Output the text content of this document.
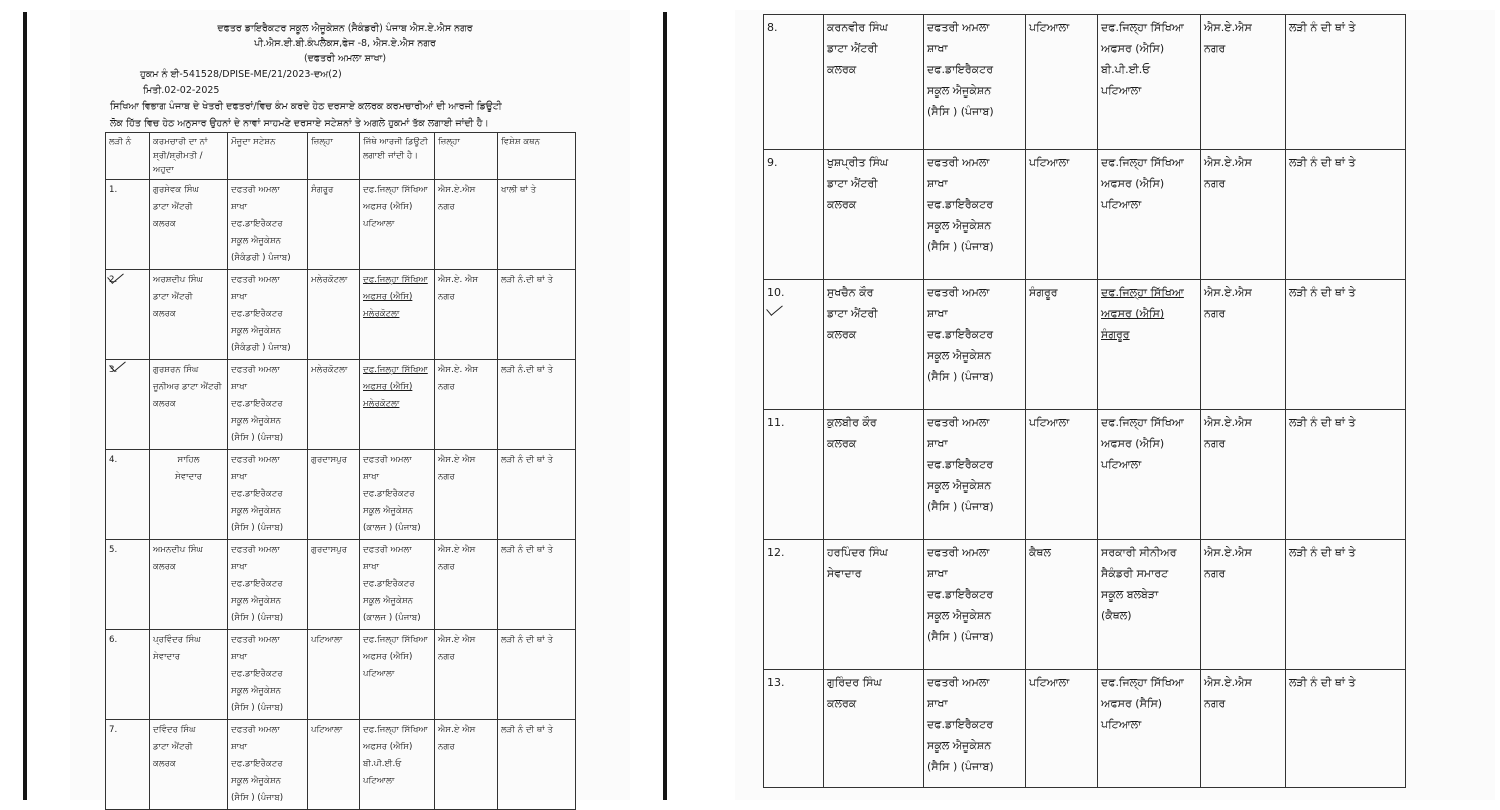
ਦਫਤਰ ਡਾਇਰੈਕਟਰ ਸਕੂਲ ਐਜੂਕੇਸ਼ਨ (ਸੈਕੰਡਰੀ) ਪੰਜਾਬ ਐਸ.ਏ.ਐਸ ਨਗਰ
ਪੀ.ਐਸ.ਈ.ਬੀ.ਕੰਪਲੈਕਸ,ਫੇਜ -8, ਐਸ.ਏ.ਐਸ ਨਗਰ
(ਦਫਤਰੀ ਅਮਲਾ ਸ਼ਾਖਾ)
ਹੁਕਮ ਨੰ ਈ-541528/DPISE-ME/21/2023-ਦਅ(2)
ਮਿਤੀ.02-02-2025
ਸਿਖਿਆ ਵਿਭਾਗ ਪੰਜਾਬ ਦੇ ਖੇਤਰੀ ਦਫਤਰਾਂ/ਵਿਚ ਕੰਮ ਕਰਦੇ ਹੇਠ ਦਰਸਾਏ ਕਲਰਕ ਕਰਮਚਾਰੀਆਂ ਦੀ ਆਰਜੀ ਡਿਊਟੀ
ਲੋਕ ਹਿੱਤ ਵਿਚ ਹੇਠ ਅਨੁਸਾਰ ਉਹਨਾਂ ਦੇ ਨਾਵਾਂ ਸਾਹਮਣੇ ਦਰਸਾਏ ਸਟੇਸ਼ਨਾਂ ਤੇ ਅਗਲੇ ਹੁਕਮਾਂ ਤੱਕ ਲਗਾਈ ਜਾਂਦੀ ਹੈ।
ਲੜੀ ਨੰ	ਕਰਮਚਾਰੀ ਦਾ ਨਾਂ ਸ਼੍ਰੀ/ਸ਼੍ਰੀਮਤੀ / ਅਹੁਦਾ	ਮੌਜੂਦਾ ਸਟੇਸ਼ਨ	ਜ਼ਿਲ੍ਹਾ	ਜਿੱਥੇ ਆਰਜੀ ਡਿਊਟੀ ਲਗਾਈ ਜਾਂਦੀ ਹੈ।	ਜ਼ਿਲ੍ਹਾ	ਵਿਸ਼ੇਸ਼ ਕਥਨ
1.	ਗੁਰਸੇਵਕ ਸਿੰਘ
ਡਾਟਾ ਐਂਟਰੀ
ਕਲਰਕ	ਦਫਤਰੀ ਅਮਲਾ
ਸ਼ਾਖਾ
ਦਫ.ਡਾਇਰੈਕਟਰ
ਸਕੂਲ ਐਜੂਕੇਸ਼ਨ
(ਸੈਕੰਡਰੀ ) ਪੰਜਾਬ)	ਸੰਗਰੂਰ	ਦਫ.ਜਿਲ੍ਹਾ ਸਿੱਖਿਆ
ਅਫਸਰ (ਐਸਿ)
ਪਟਿਆਲਾ	ਐਸ.ਏ.ਐਸ
ਨਗਰ	ਖਾਲੀ ਥਾਂ ਤੇ
2.	ਅਰਸ਼ਦੀਪ ਸਿੰਘ
ਡਾਟਾ ਐਂਟਰੀ
ਕਲਰਕ	ਦਫਤਰੀ ਅਮਲਾ
ਸ਼ਾਖਾ
ਦਫ.ਡਾਇਰੈਕਟਰ
ਸਕੂਲ ਐਜੂਕੇਸ਼ਨ
(ਸੈਕੰਡਰੀ ) ਪੰਜਾਬ)	ਮਲੇਰਕੋਟਲਾ	ਦਫ.ਜਿਲ੍ਹਾ ਸਿੱਖਿਆ
ਅਫਸਰ (ਐਸਿ)
ਮਲੇਰਕੋਟਲਾ	ਐਸ.ਏ. ਐਸ
ਨਗਰ	ਲੜੀ ਨੰ.ਦੀ ਥਾਂ ਤੇ
3.	ਗੁਰਸ਼ਰਨ ਸਿੰਘ
ਜੂਨੀਅਰ ਡਾਟਾ ਐਂਟਰੀ
ਕਲਰਕ	ਦਫਤਰੀ ਅਮਲਾ
ਸ਼ਾਖਾ
ਦਫ.ਡਾਇਰੈਕਟਰ
ਸਕੂਲ ਐਜੂਕੇਸ਼ਨ
(ਸੈਸਿ ) (ਪੰਜਾਬ)	ਮਲੇਰਕੋਟਲਾ	ਦਫ.ਜਿਲ੍ਹਾ ਸਿੱਖਿਆ
ਅਫਸਰ (ਐਸਿ)
ਮਲੇਰਕੋਟਲਾ	ਐਸ.ਏ. ਐਸ
ਨਗਰ	ਲੜੀ ਨੰ.ਦੀ ਥਾਂ ਤੇ
4.	ਸਾਹਿਲ
ਸੇਵਾਦਾਰ	ਦਫਤਰੀ ਅਮਲਾ
ਸ਼ਾਖਾ
ਦਫ.ਡਾਇਰੈਕਟਰ
ਸਕੂਲ ਐਜੂਕੇਸ਼ਨ
(ਸੈਸਿ ) (ਪੰਜਾਬ)	ਗੁਰਦਾਸਪੁਰ	ਦਫਤਰੀ ਅਮਲਾ
ਸ਼ਾਖਾ
ਦਫ.ਡਾਇਰੈਕਟਰ
ਸਕੂਲ ਐਜੂਕੇਸ਼ਨ
(ਕਾਲਜ ) (ਪੰਜਾਬ)	ਐਸ.ਏ ਐਸ
ਨਗਰ	ਲੜੀ ਨੰ ਦੀ ਥਾਂ ਤੇ
5.	ਅਮਨਦੀਪ ਸਿੰਘ
ਕਲਰਕ	ਦਫਤਰੀ ਅਮਲਾ
ਸ਼ਾਖਾ
ਦਫ.ਡਾਇਰੈਕਟਰ
ਸਕੂਲ ਐਜੂਕੇਸ਼ਨ
(ਸੈਸਿ ) (ਪੰਜਾਬ)	ਗੁਰਦਾਸਪੁਰ	ਦਫਤਰੀ ਅਮਲਾ
ਸ਼ਾਖਾ
ਦਫ.ਡਾਇਰੈਕਟਰ
ਸਕੂਲ ਐਜੂਕੇਸ਼ਨ
(ਕਾਲਜ ) (ਪੰਜਾਬ)	ਐਸ.ਏ ਐਸ
ਨਗਰ	ਲੜੀ ਨੰ ਦੀ ਥਾਂ ਤੇ
6.	ਪ੍ਰਵਿੰਦਰ ਸਿੰਘ
ਸੇਵਾਦਾਰ	ਦਫਤਰੀ ਅਮਲਾ
ਸ਼ਾਖਾ
ਦਫ.ਡਾਇਰੈਕਟਰ
ਸਕੂਲ ਐਜੂਕੇਸ਼ਨ
(ਸੈਸਿ ) (ਪੰਜਾਬ)	ਪਟਿਆਲਾ	ਦਫ.ਜਿਲ੍ਹਾ ਸਿੱਖਿਆ
ਅਫਸਰ (ਐਸਿ)
ਪਟਿਆਲਾ	ਐਸ.ਏ ਐਸ
ਨਗਰ	ਲੜੀ ਨੰ ਦੀ ਥਾਂ ਤੇ
7.	ਦਵਿੰਦਰ ਸਿੰਘ
ਡਾਟਾ ਐਂਟਰੀ
ਕਲਰਕ	ਦਫਤਰੀ ਅਮਲਾ
ਸ਼ਾਖਾ
ਦਫ.ਡਾਇਰੈਕਟਰ
ਸਕੂਲ ਐਜੂਕੇਸ਼ਨ
(ਸੈਸਿ ) (ਪੰਜਾਬ)	ਪਟਿਆਲਾ	ਦਫ.ਜਿਲ੍ਹਾ ਸਿੱਖਿਆ
ਅਫਸਰ (ਐਸਿ)
ਬੀ.ਪੀ.ਈ.ਓ
ਪਟਿਆਲਾ	ਐਸ.ਏ ਐਸ
ਨਗਰ	ਲੜੀ ਨੰ ਦੀ ਥਾਂ ਤੇ
8.	ਕਰਨਵੀਰ ਸਿੰਘ
ਡਾਟਾ ਐਂਟਰੀ
ਕਲਰਕ	ਦਫਤਰੀ ਅਮਲਾ
ਸ਼ਾਖਾ
ਦਫ.ਡਾਇਰੈਕਟਰ
ਸਕੂਲ ਐਜੂਕੇਸ਼ਨ
(ਸੈਸਿ ) (ਪੰਜਾਬ)	ਪਟਿਆਲਾ	ਦਫ.ਜਿਲ੍ਹਾ ਸਿੱਖਿਆ
ਅਫਸਰ (ਐਸਿ)
ਬੀ.ਪੀ.ਈ.ਓ
ਪਟਿਆਲਾ	ਐਸ.ਏ.ਐਸ
ਨਗਰ	ਲੜੀ ਨੰ ਦੀ ਥਾਂ ਤੇ
9.	ਖੁਸ਼ਪ੍ਰੀਤ ਸਿੰਘ
ਡਾਟਾ ਐਂਟਰੀ
ਕਲਰਕ	ਦਫਤਰੀ ਅਮਲਾ
ਸ਼ਾਖਾ
ਦਫ.ਡਾਇਰੈਕਟਰ
ਸਕੂਲ ਐਜੂਕੇਸ਼ਨ
(ਸੈਸਿ ) (ਪੰਜਾਬ)	ਪਟਿਆਲਾ	ਦਫ.ਜਿਲ੍ਹਾ ਸਿੱਖਿਆ
ਅਫਸਰ (ਐਸਿ)
ਪਟਿਆਲਾ	ਐਸ.ਏ.ਐਸ
ਨਗਰ	ਲੜੀ ਨੰ ਦੀ ਥਾਂ ਤੇ
10.	ਸੁਖਚੈਨ ਕੌਰ
ਡਾਟਾ ਐਂਟਰੀ
ਕਲਰਕ	ਦਫਤਰੀ ਅਮਲਾ
ਸ਼ਾਖਾ
ਦਫ.ਡਾਇਰੈਕਟਰ
ਸਕੂਲ ਐਜੂਕੇਸ਼ਨ
(ਸੈਸਿ ) (ਪੰਜਾਬ)	ਸੰਗਰੂਰ	ਦਫ.ਜਿਲ੍ਹਾ ਸਿੱਖਿਆ
ਅਫਸਰ (ਐਸਿ)
ਸੰਗਰੂਰ	ਐਸ.ਏ.ਐਸ
ਨਗਰ	ਲੜੀ ਨੰ ਦੀ ਥਾਂ ਤੇ
11.	ਕੁਲਬੀਰ ਕੌਰ
ਕਲਰਕ	ਦਫਤਰੀ ਅਮਲਾ
ਸ਼ਾਖਾ
ਦਫ.ਡਾਇਰੈਕਟਰ
ਸਕੂਲ ਐਜੂਕੇਸ਼ਨ
(ਸੈਸਿ ) (ਪੰਜਾਬ)	ਪਟਿਆਲਾ	ਦਫ.ਜਿਲ੍ਹਾ ਸਿੱਖਿਆ
ਅਫਸਰ (ਐਸਿ)
ਪਟਿਆਲਾ	ਐਸ.ਏ.ਐਸ
ਨਗਰ	ਲੜੀ ਨੰ ਦੀ ਥਾਂ ਤੇ
12.	ਹਰਪਿੰਦਰ ਸਿੰਘ
ਸੇਵਾਦਾਰ	ਦਫਤਰੀ ਅਮਲਾ
ਸ਼ਾਖਾ
ਦਫ.ਡਾਇਰੈਕਟਰ
ਸਕੂਲ ਐਜੂਕੇਸ਼ਨ
(ਸੈਸਿ ) (ਪੰਜਾਬ)	ਕੈਥਲ	ਸਰਕਾਰੀ ਸੀਨੀਅਰ
ਸੈਕੰਡਰੀ ਸਮਾਰਟ
ਸਕੂਲ ਬਲਬੇੜਾ
(ਕੈਥਲ)	ਐਸ.ਏ.ਐਸ
ਨਗਰ	ਲੜੀ ਨੰ ਦੀ ਥਾਂ ਤੇ
13.	ਗੁਰਿੰਦਰ ਸਿੰਘ
ਕਲਰਕ	ਦਫਤਰੀ ਅਮਲਾ
ਸ਼ਾਖਾ
ਦਫ.ਡਾਇਰੈਕਟਰ
ਸਕੂਲ ਐਜੂਕੇਸ਼ਨ
(ਸੈਸਿ ) (ਪੰਜਾਬ)	ਪਟਿਆਲਾ	ਦਫ.ਜਿਲ੍ਹਾ ਸਿੱਖਿਆ
ਅਫਸਰ (ਸੈਸਿ)
ਪਟਿਆਲਾ	ਐਸ.ਏ.ਐਸ
ਨਗਰ	ਲੜੀ ਨੰ ਦੀ ਥਾਂ ਤੇ
